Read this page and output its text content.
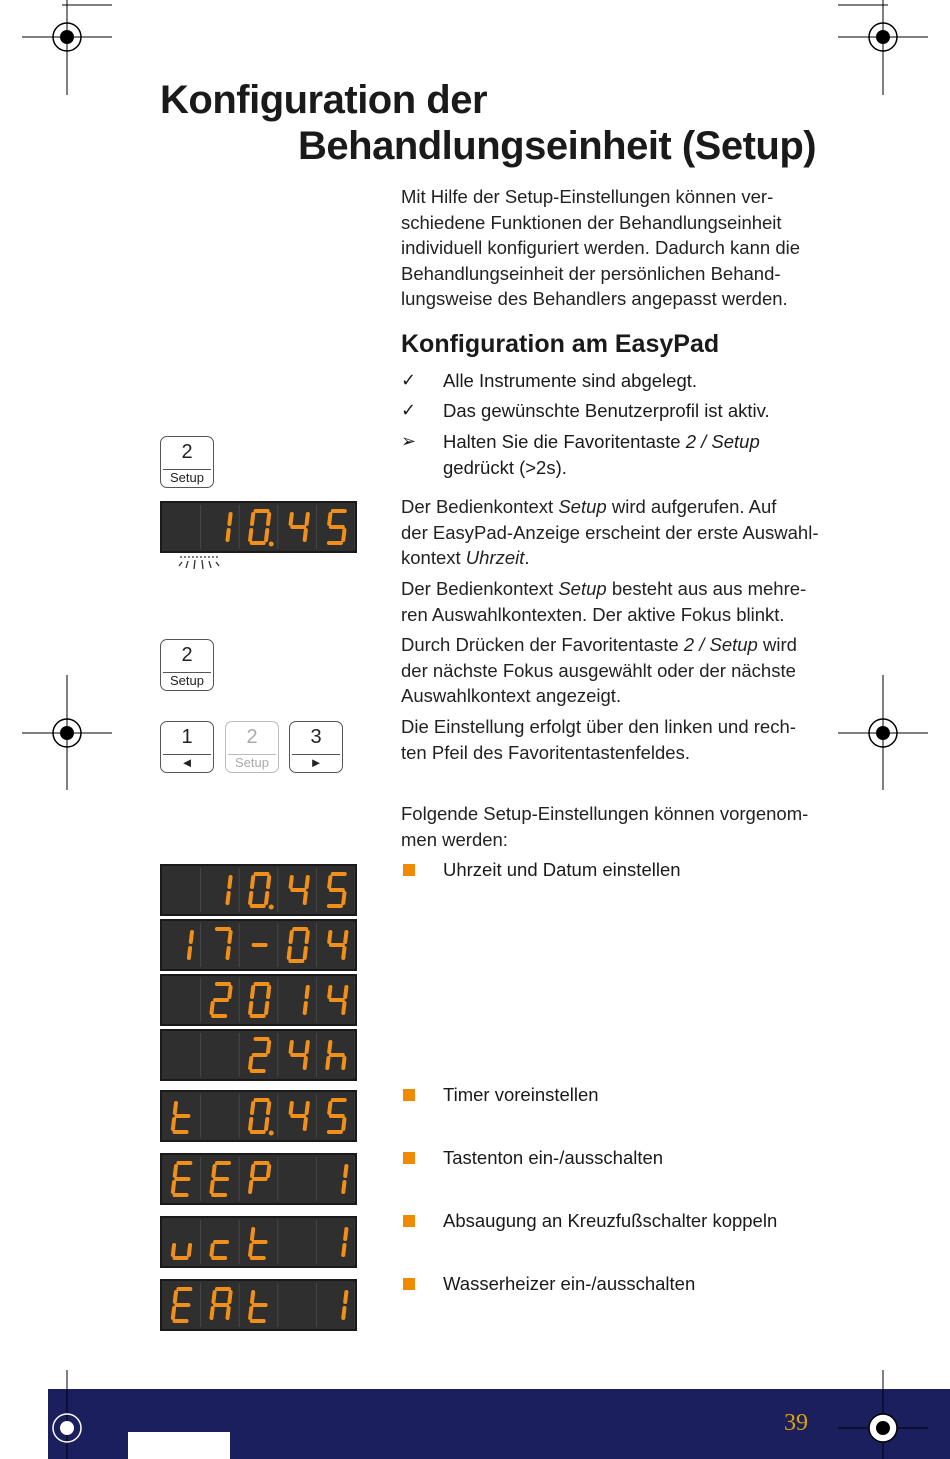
Konfiguration der
Behandlungseinheit (Setup)

Mit Hilfe der Setup-Einstellungen können ver-

schiedene Funktionen der Behandlungseinheit

individuell konfiguriert werden. Dadurch kann die

Behandlungseinheit der persönlichen Behand-

lungsweise des Behandlers angepasst werden.

Konfiguration am EasyPad
✓	Alle Instrumente sind abgelegt.
✓	Das gewünschte Benutzerprofil ist aktiv.
➢	Halten Sie die Favoritentaste 2 / Setup
gedrückt (>2s).

Der Bedienkontext Setup wird aufgerufen. Auf

der EasyPad-Anzeige erscheint der erste Auswahl-

kontext Uhrzeit.

Der Bedienkontext Setup besteht aus aus mehre-

ren Auswahlkontexten. Der aktive Fokus blinkt.

Durch Drücken der Favoritentaste 2 / Setup wird

der nächste Fokus ausgewählt oder der nächste

Auswahlkontext angezeigt.

Die Einstellung erfolgt über den linken und rech-

ten Pfeil des Favoritentastenfeldes.

Folgende Setup-Einstellungen können vorgenom-

men werden:

Uhrzeit und Datum einstellen
Timer voreinstellen
Tastenton ein-/ausschalten
Absaugung an Kreuzfußschalter koppeln
Wasserheizer ein-/ausschalten
2
Setup
2
Setup
1
◄
2
Setup
3
►
39
